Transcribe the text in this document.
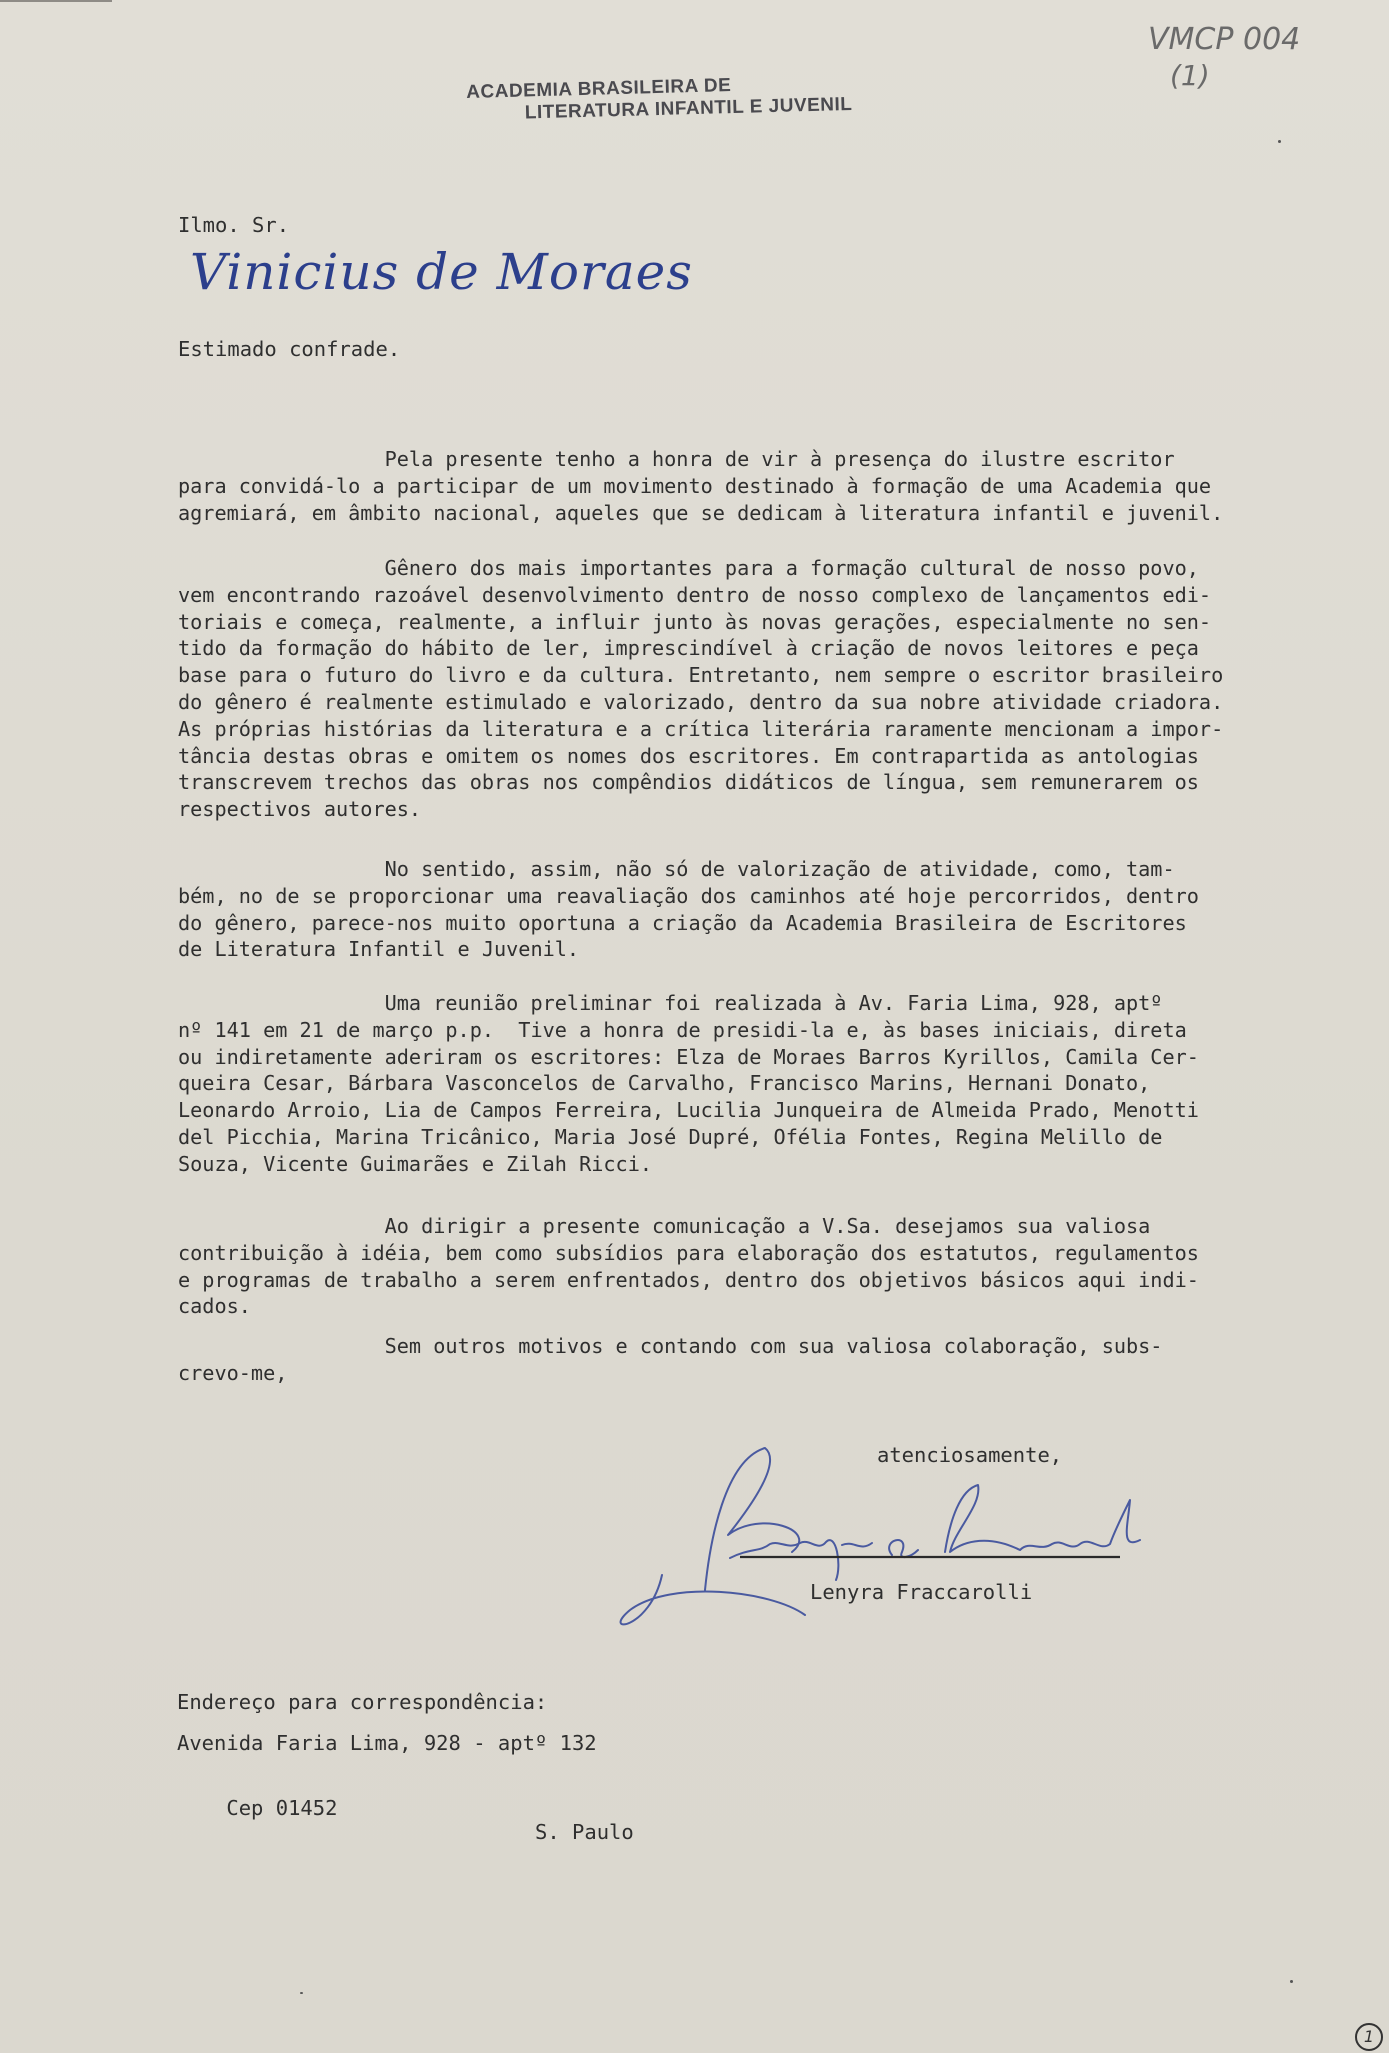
ACADEMIA BRASILEIRA DE
LITERATURA INFANTIL E JUVENIL
VMCP 004
(1)
Ilmo. Sr.
Vinicius de Moraes
Estimado confrade.
Pela presente tenho a honra de vir à presença do ilustre escritor
para convidá-lo a participar de um movimento destinado à formação de uma Academia que
agremiará, em âmbito nacional, aqueles que se dedicam à literatura infantil e juvenil.
Gênero dos mais importantes para a formação cultural de nosso povo,
vem encontrando razoável desenvolvimento dentro de nosso complexo de lançamentos edi-
toriais e começa, realmente, a influir junto às novas gerações, especialmente no sen-
tido da formação do hábito de ler, imprescindível à criação de novos leitores e peça
base para o futuro do livro e da cultura. Entretanto, nem sempre o escritor brasileiro
do gênero é realmente estimulado e valorizado, dentro da sua nobre atividade criadora.
As próprias histórias da literatura e a crítica literária raramente mencionam a impor-
tância destas obras e omitem os nomes dos escritores. Em contrapartida as antologias
transcrevem trechos das obras nos compêndios didáticos de língua, sem remunerarem os
respectivos autores.
No sentido, assim, não só de valorização de atividade, como, tam-
bém, no de se proporcionar uma reavaliação dos caminhos até hoje percorridos, dentro
do gênero, parece-nos muito oportuna a criação da Academia Brasileira de Escritores
de Literatura Infantil e Juvenil.
Uma reunião preliminar foi realizada à Av. Faria Lima, 928, aptº
nº 141 em 21 de março p.p.  Tive a honra de presidi-la e, às bases iniciais, direta
ou indiretamente aderiram os escritores: Elza de Moraes Barros Kyrillos, Camila Cer-
queira Cesar, Bárbara Vasconcelos de Carvalho, Francisco Marins, Hernani Donato,
Leonardo Arroio, Lia de Campos Ferreira, Lucilia Junqueira de Almeida Prado, Menotti
del Picchia, Marina Tricânico, Maria José Dupré, Ofélia Fontes, Regina Melillo de
Souza, Vicente Guimarães e Zilah Ricci.
Ao dirigir a presente comunicação a V.Sa. desejamos sua valiosa
contribuição à idéia, bem como subsídios para elaboração dos estatutos, regulamentos
e programas de trabalho a serem enfrentados, dentro dos objetivos básicos aqui indi-
cados.
Sem outros motivos e contando com sua valiosa colaboração, subs-
crevo-me,
atenciosamente,
Lenyra Fraccarolli
Endereço para correspondência:
Avenida Faria Lima, 928 - aptº 132

Cep 01452

S. Paulo

1
